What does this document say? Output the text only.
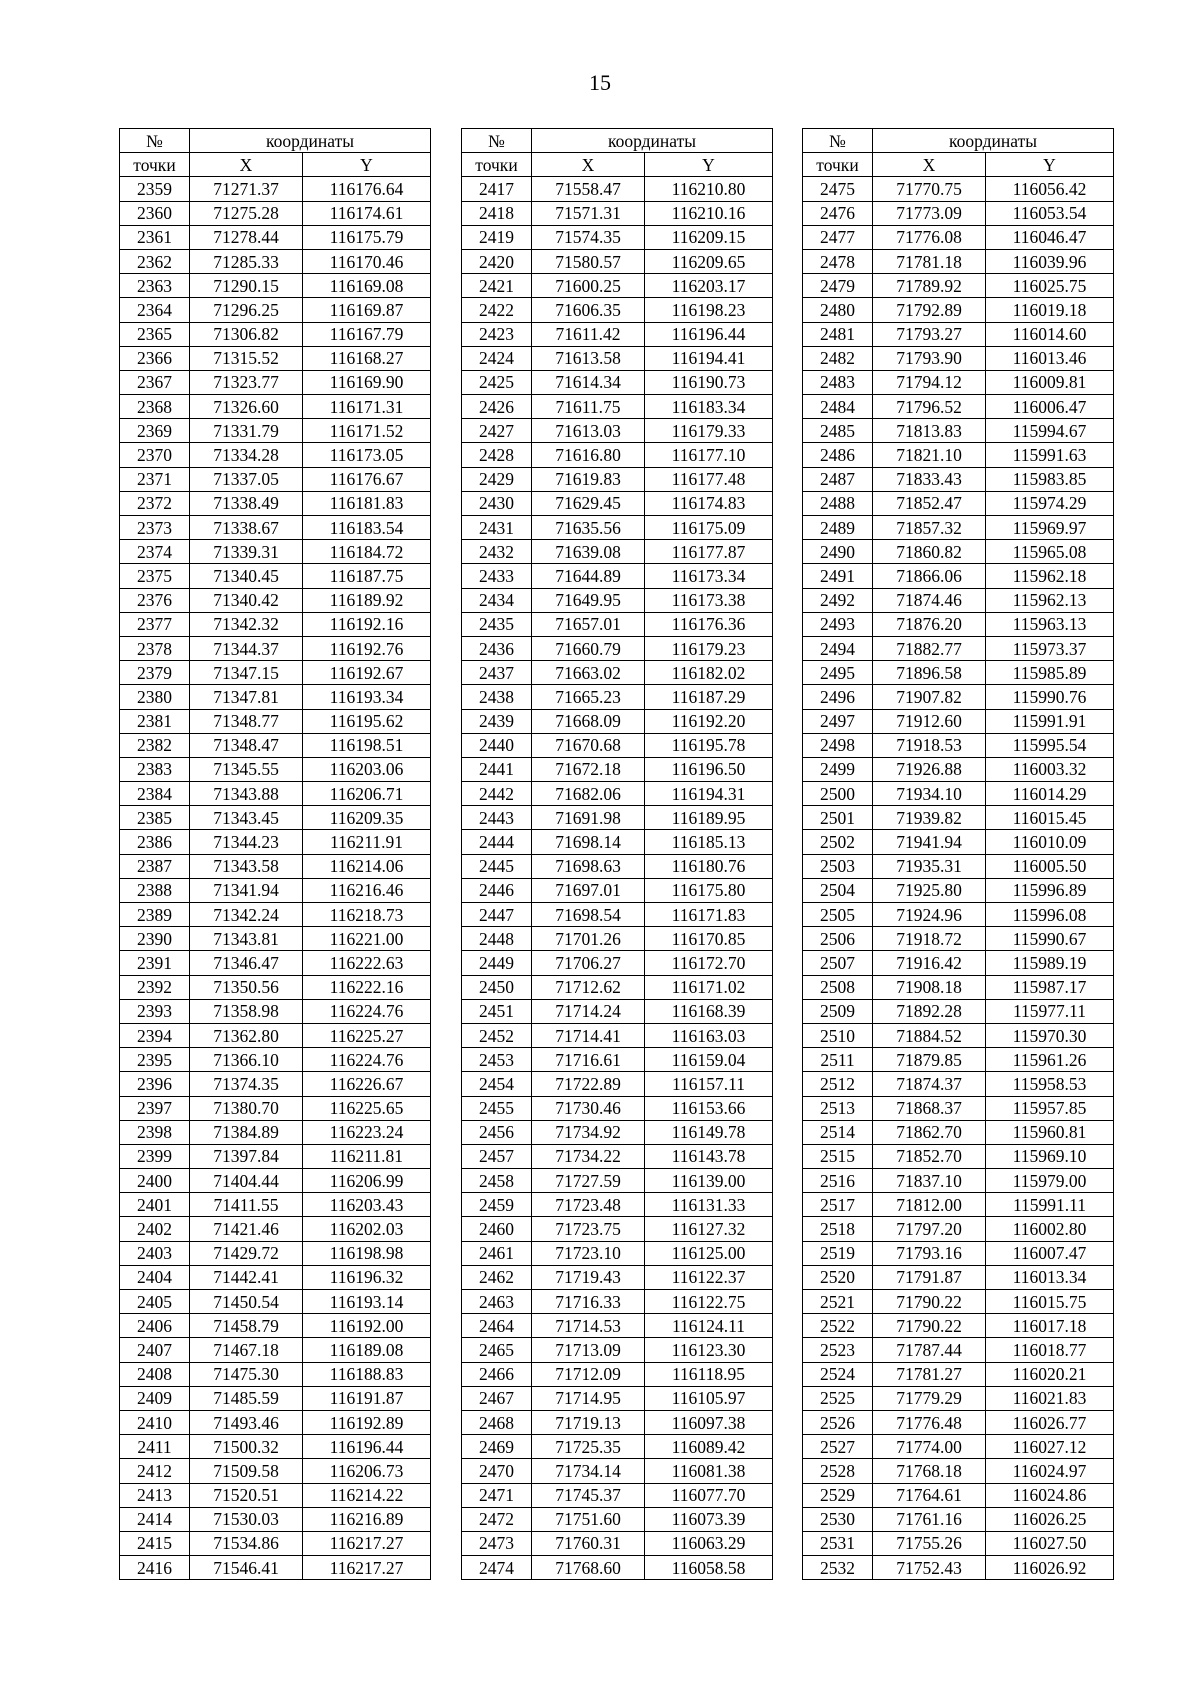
15
№	координаты	
точки	X	Y
2359	71271.37	116176.64
2360	71275.28	116174.61
2361	71278.44	116175.79
2362	71285.33	116170.46
2363	71290.15	116169.08
2364	71296.25	116169.87
2365	71306.82	116167.79
2366	71315.52	116168.27
2367	71323.77	116169.90
2368	71326.60	116171.31
2369	71331.79	116171.52
2370	71334.28	116173.05
2371	71337.05	116176.67
2372	71338.49	116181.83
2373	71338.67	116183.54
2374	71339.31	116184.72
2375	71340.45	116187.75
2376	71340.42	116189.92
2377	71342.32	116192.16
2378	71344.37	116192.76
2379	71347.15	116192.67
2380	71347.81	116193.34
2381	71348.77	116195.62
2382	71348.47	116198.51
2383	71345.55	116203.06
2384	71343.88	116206.71
2385	71343.45	116209.35
2386	71344.23	116211.91
2387	71343.58	116214.06
2388	71341.94	116216.46
2389	71342.24	116218.73
2390	71343.81	116221.00
2391	71346.47	116222.63
2392	71350.56	116222.16
2393	71358.98	116224.76
2394	71362.80	116225.27
2395	71366.10	116224.76
2396	71374.35	116226.67
2397	71380.70	116225.65
2398	71384.89	116223.24
2399	71397.84	116211.81
2400	71404.44	116206.99
2401	71411.55	116203.43
2402	71421.46	116202.03
2403	71429.72	116198.98
2404	71442.41	116196.32
2405	71450.54	116193.14
2406	71458.79	116192.00
2407	71467.18	116189.08
2408	71475.30	116188.83
2409	71485.59	116191.87
2410	71493.46	116192.89
2411	71500.32	116196.44
2412	71509.58	116206.73
2413	71520.51	116214.22
2414	71530.03	116216.89
2415	71534.86	116217.27
2416	71546.41	116217.27
№	координаты	
точки	X	Y
2417	71558.47	116210.80
2418	71571.31	116210.16
2419	71574.35	116209.15
2420	71580.57	116209.65
2421	71600.25	116203.17
2422	71606.35	116198.23
2423	71611.42	116196.44
2424	71613.58	116194.41
2425	71614.34	116190.73
2426	71611.75	116183.34
2427	71613.03	116179.33
2428	71616.80	116177.10
2429	71619.83	116177.48
2430	71629.45	116174.83
2431	71635.56	116175.09
2432	71639.08	116177.87
2433	71644.89	116173.34
2434	71649.95	116173.38
2435	71657.01	116176.36
2436	71660.79	116179.23
2437	71663.02	116182.02
2438	71665.23	116187.29
2439	71668.09	116192.20
2440	71670.68	116195.78
2441	71672.18	116196.50
2442	71682.06	116194.31
2443	71691.98	116189.95
2444	71698.14	116185.13
2445	71698.63	116180.76
2446	71697.01	116175.80
2447	71698.54	116171.83
2448	71701.26	116170.85
2449	71706.27	116172.70
2450	71712.62	116171.02
2451	71714.24	116168.39
2452	71714.41	116163.03
2453	71716.61	116159.04
2454	71722.89	116157.11
2455	71730.46	116153.66
2456	71734.92	116149.78
2457	71734.22	116143.78
2458	71727.59	116139.00
2459	71723.48	116131.33
2460	71723.75	116127.32
2461	71723.10	116125.00
2462	71719.43	116122.37
2463	71716.33	116122.75
2464	71714.53	116124.11
2465	71713.09	116123.30
2466	71712.09	116118.95
2467	71714.95	116105.97
2468	71719.13	116097.38
2469	71725.35	116089.42
2470	71734.14	116081.38
2471	71745.37	116077.70
2472	71751.60	116073.39
2473	71760.31	116063.29
2474	71768.60	116058.58
№	координаты	
точки	X	Y
2475	71770.75	116056.42
2476	71773.09	116053.54
2477	71776.08	116046.47
2478	71781.18	116039.96
2479	71789.92	116025.75
2480	71792.89	116019.18
2481	71793.27	116014.60
2482	71793.90	116013.46
2483	71794.12	116009.81
2484	71796.52	116006.47
2485	71813.83	115994.67
2486	71821.10	115991.63
2487	71833.43	115983.85
2488	71852.47	115974.29
2489	71857.32	115969.97
2490	71860.82	115965.08
2491	71866.06	115962.18
2492	71874.46	115962.13
2493	71876.20	115963.13
2494	71882.77	115973.37
2495	71896.58	115985.89
2496	71907.82	115990.76
2497	71912.60	115991.91
2498	71918.53	115995.54
2499	71926.88	116003.32
2500	71934.10	116014.29
2501	71939.82	116015.45
2502	71941.94	116010.09
2503	71935.31	116005.50
2504	71925.80	115996.89
2505	71924.96	115996.08
2506	71918.72	115990.67
2507	71916.42	115989.19
2508	71908.18	115987.17
2509	71892.28	115977.11
2510	71884.52	115970.30
2511	71879.85	115961.26
2512	71874.37	115958.53
2513	71868.37	115957.85
2514	71862.70	115960.81
2515	71852.70	115969.10
2516	71837.10	115979.00
2517	71812.00	115991.11
2518	71797.20	116002.80
2519	71793.16	116007.47
2520	71791.87	116013.34
2521	71790.22	116015.75
2522	71790.22	116017.18
2523	71787.44	116018.77
2524	71781.27	116020.21
2525	71779.29	116021.83
2526	71776.48	116026.77
2527	71774.00	116027.12
2528	71768.18	116024.97
2529	71764.61	116024.86
2530	71761.16	116026.25
2531	71755.26	116027.50
2532	71752.43	116026.92
